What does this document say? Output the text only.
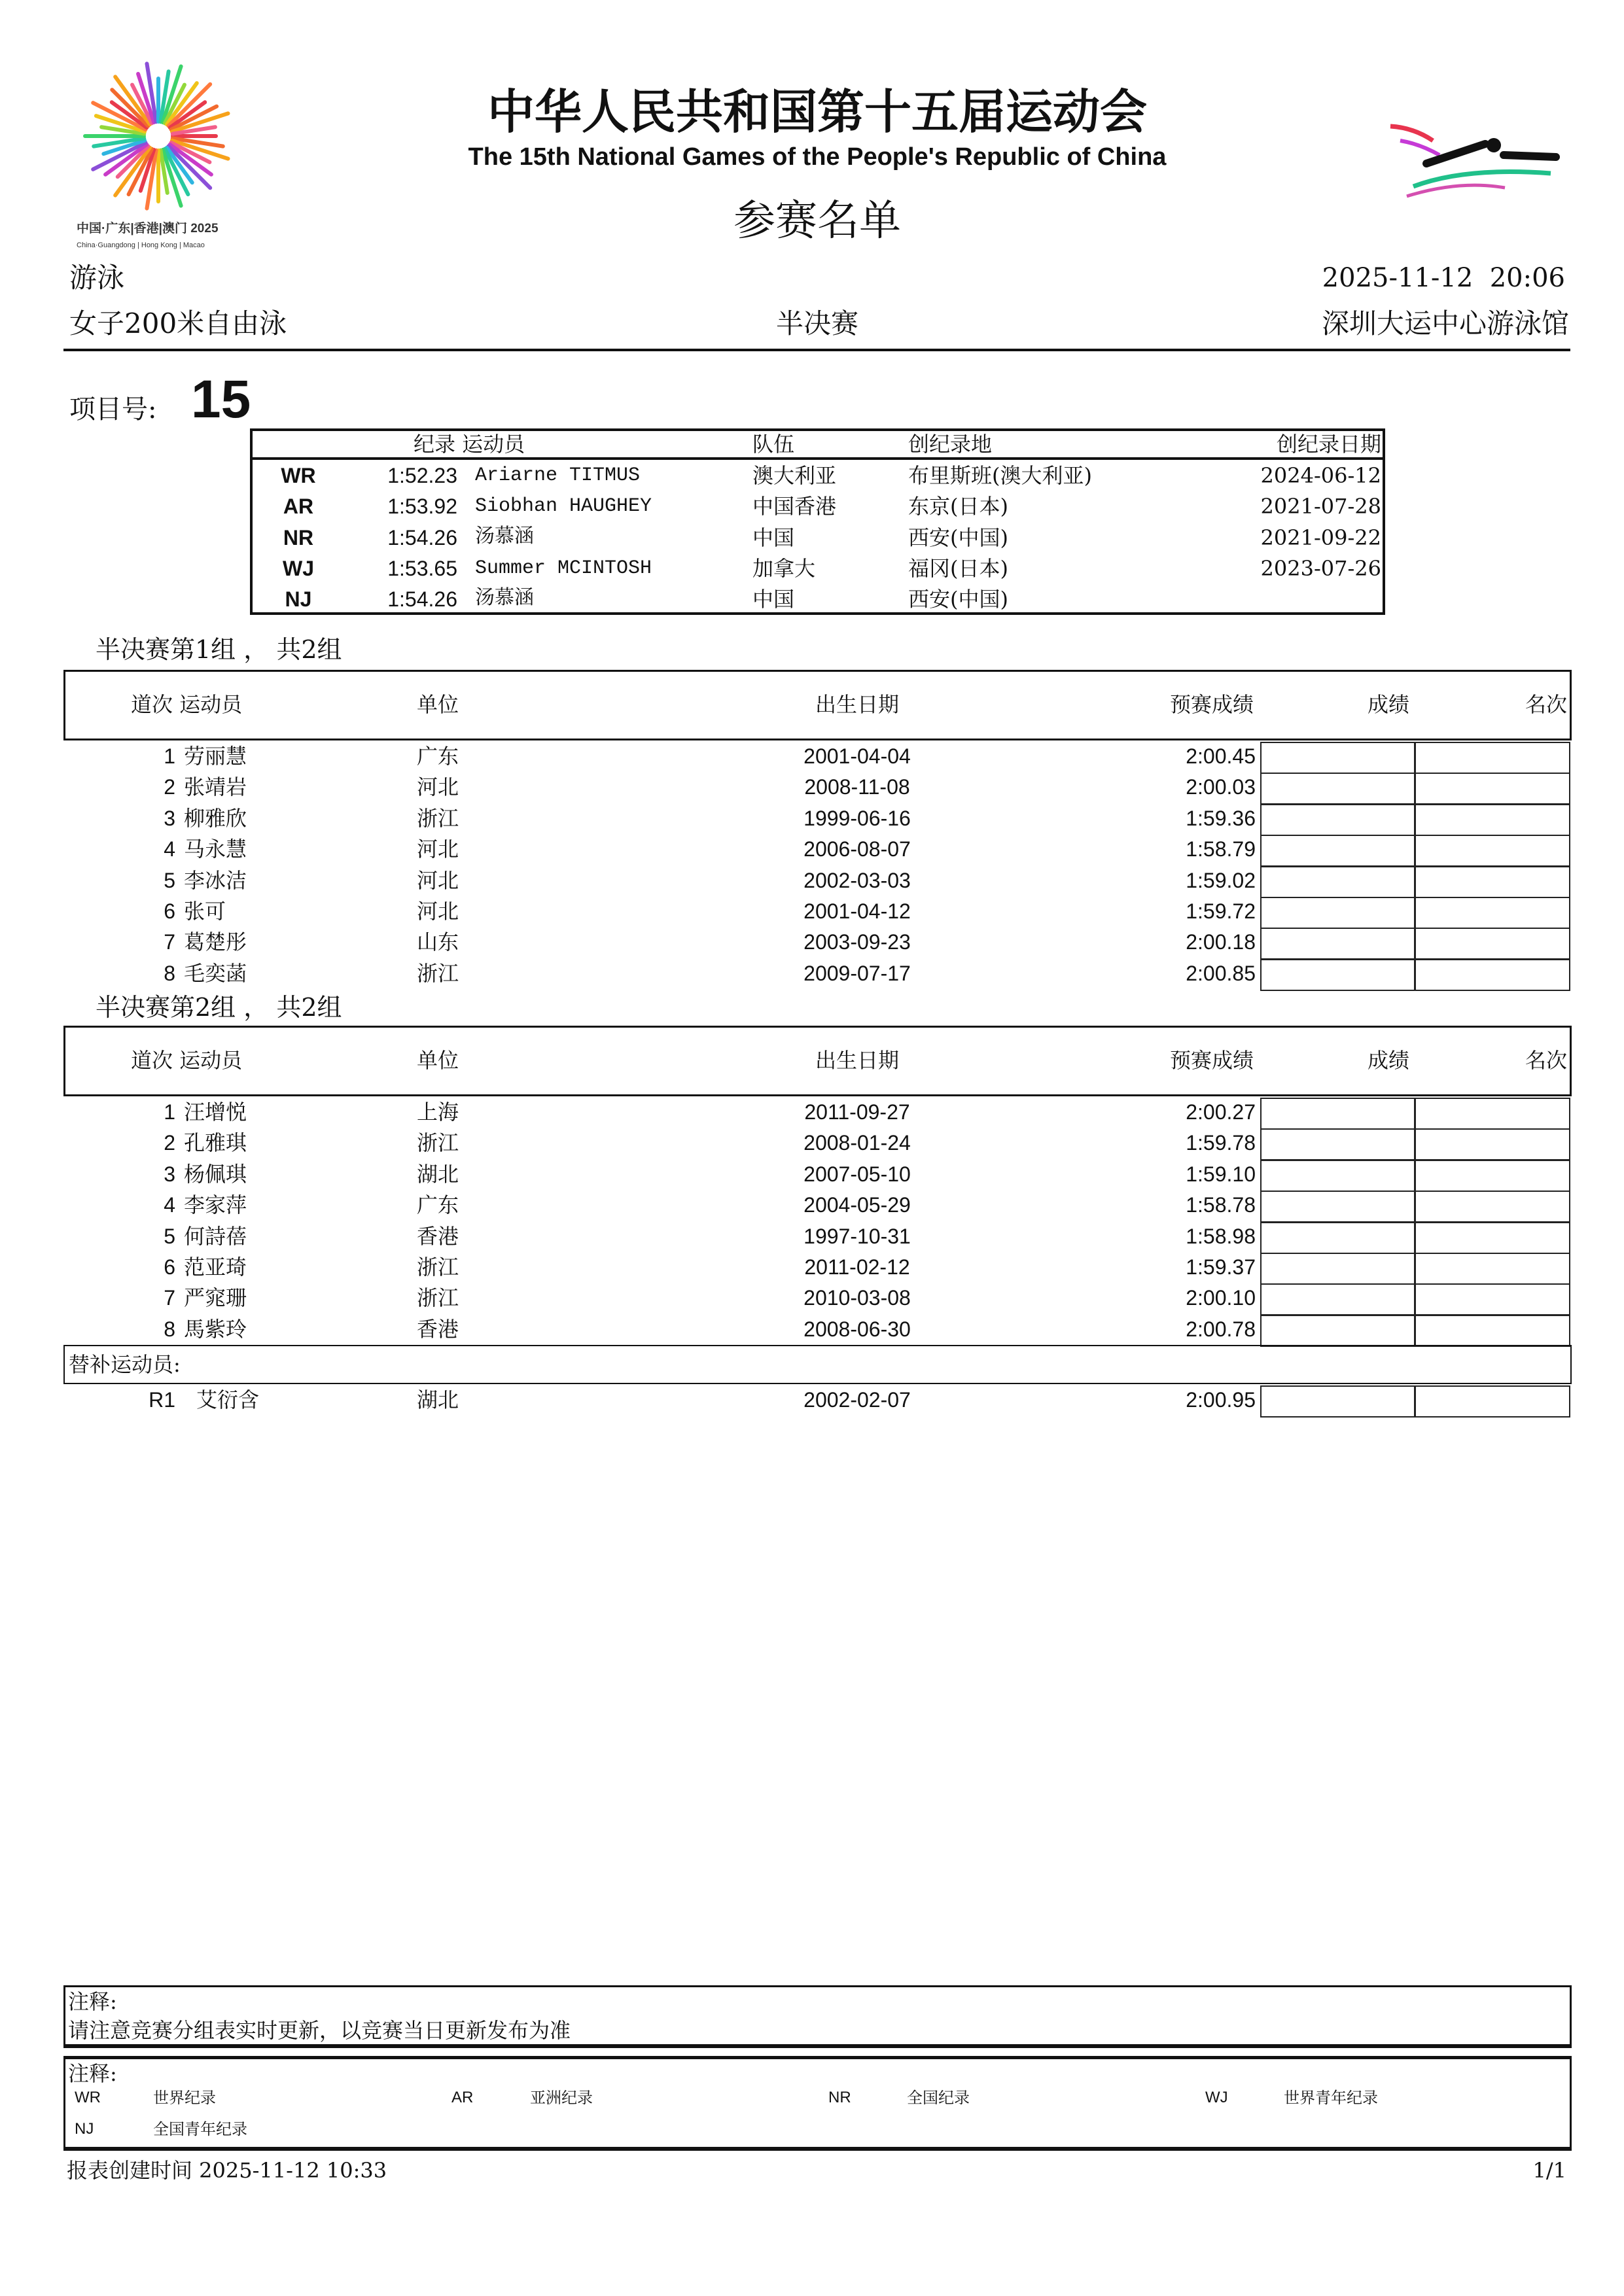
中国·广东|香港|澳门 2025
China·Guangdong | Hong Kong | Macao
中华人民共和国第十五届运动会
The 15th National Games of the People's Republic of China
参赛名单
游泳	2025-11-12  20:06
女子200米自由泳	半决赛	深圳大运中心游泳馆
项目号: 15
纪录 运动员	队伍	创纪录地	创纪录日期
WR	1:52.23 Ariarne TITMUS	澳大利亚	布里斯班(澳大利亚)	2024-06-12
AR	1:53.92 Siobhan HAUGHEY	中国香港	东京(日本)	2021-07-28
NR	1:54.26 汤慕涵	中国	西安(中国)	2021-09-22
WJ	1:53.65 Summer MCINTOSH	加拿大	福冈(日本)	2023-07-26
NJ	1:54.26 汤慕涵	中国	西安(中国)
半决赛第1组 ， 共2组
道次 运动员	单位	出生日期	预赛成绩	成绩	名次
1 劳丽慧	广东	2001-04-04	2:00.45
2 张靖岩	河北	2008-11-08	2:00.03
3 柳雅欣	浙江	1999-06-16	1:59.36
4 马永慧	河北	2006-08-07	1:58.79
5 李冰洁	河北	2002-03-03	1:59.02
6 张可	河北	2001-04-12	1:59.72
7 葛楚彤	山东	2003-09-23	2:00.18
8 毛奕菡	浙江	2009-07-17	2:00.85
半决赛第2组 ， 共2组
道次 运动员	单位	出生日期	预赛成绩	成绩	名次
1 汪增悦	上海	2011-09-27	2:00.27
2 孔雅琪	浙江	2008-01-24	1:59.78
3 杨佩琪	湖北	2007-05-10	1:59.10
4 李家萍	广东	2004-05-29	1:58.78
5 何詩蓓	香港	1997-10-31	1:58.98
6 范亚琦	浙江	2011-02-12	1:59.37
7 严窕珊	浙江	2010-03-08	2:00.10
8 馬紫玲	香港	2008-06-30	2:00.78
替补运动员:
R1 艾衍含	湖北	2002-02-07	2:00.95
注释:
请注意竞赛分组表实时更新，以竞赛当日更新发布为准
注释:
WR	世界纪录	AR	亚洲纪录	NR	全国纪录	WJ	世界青年纪录
NJ	全国青年纪录
报表创建时间 2025-11-12 10:33	1/1
